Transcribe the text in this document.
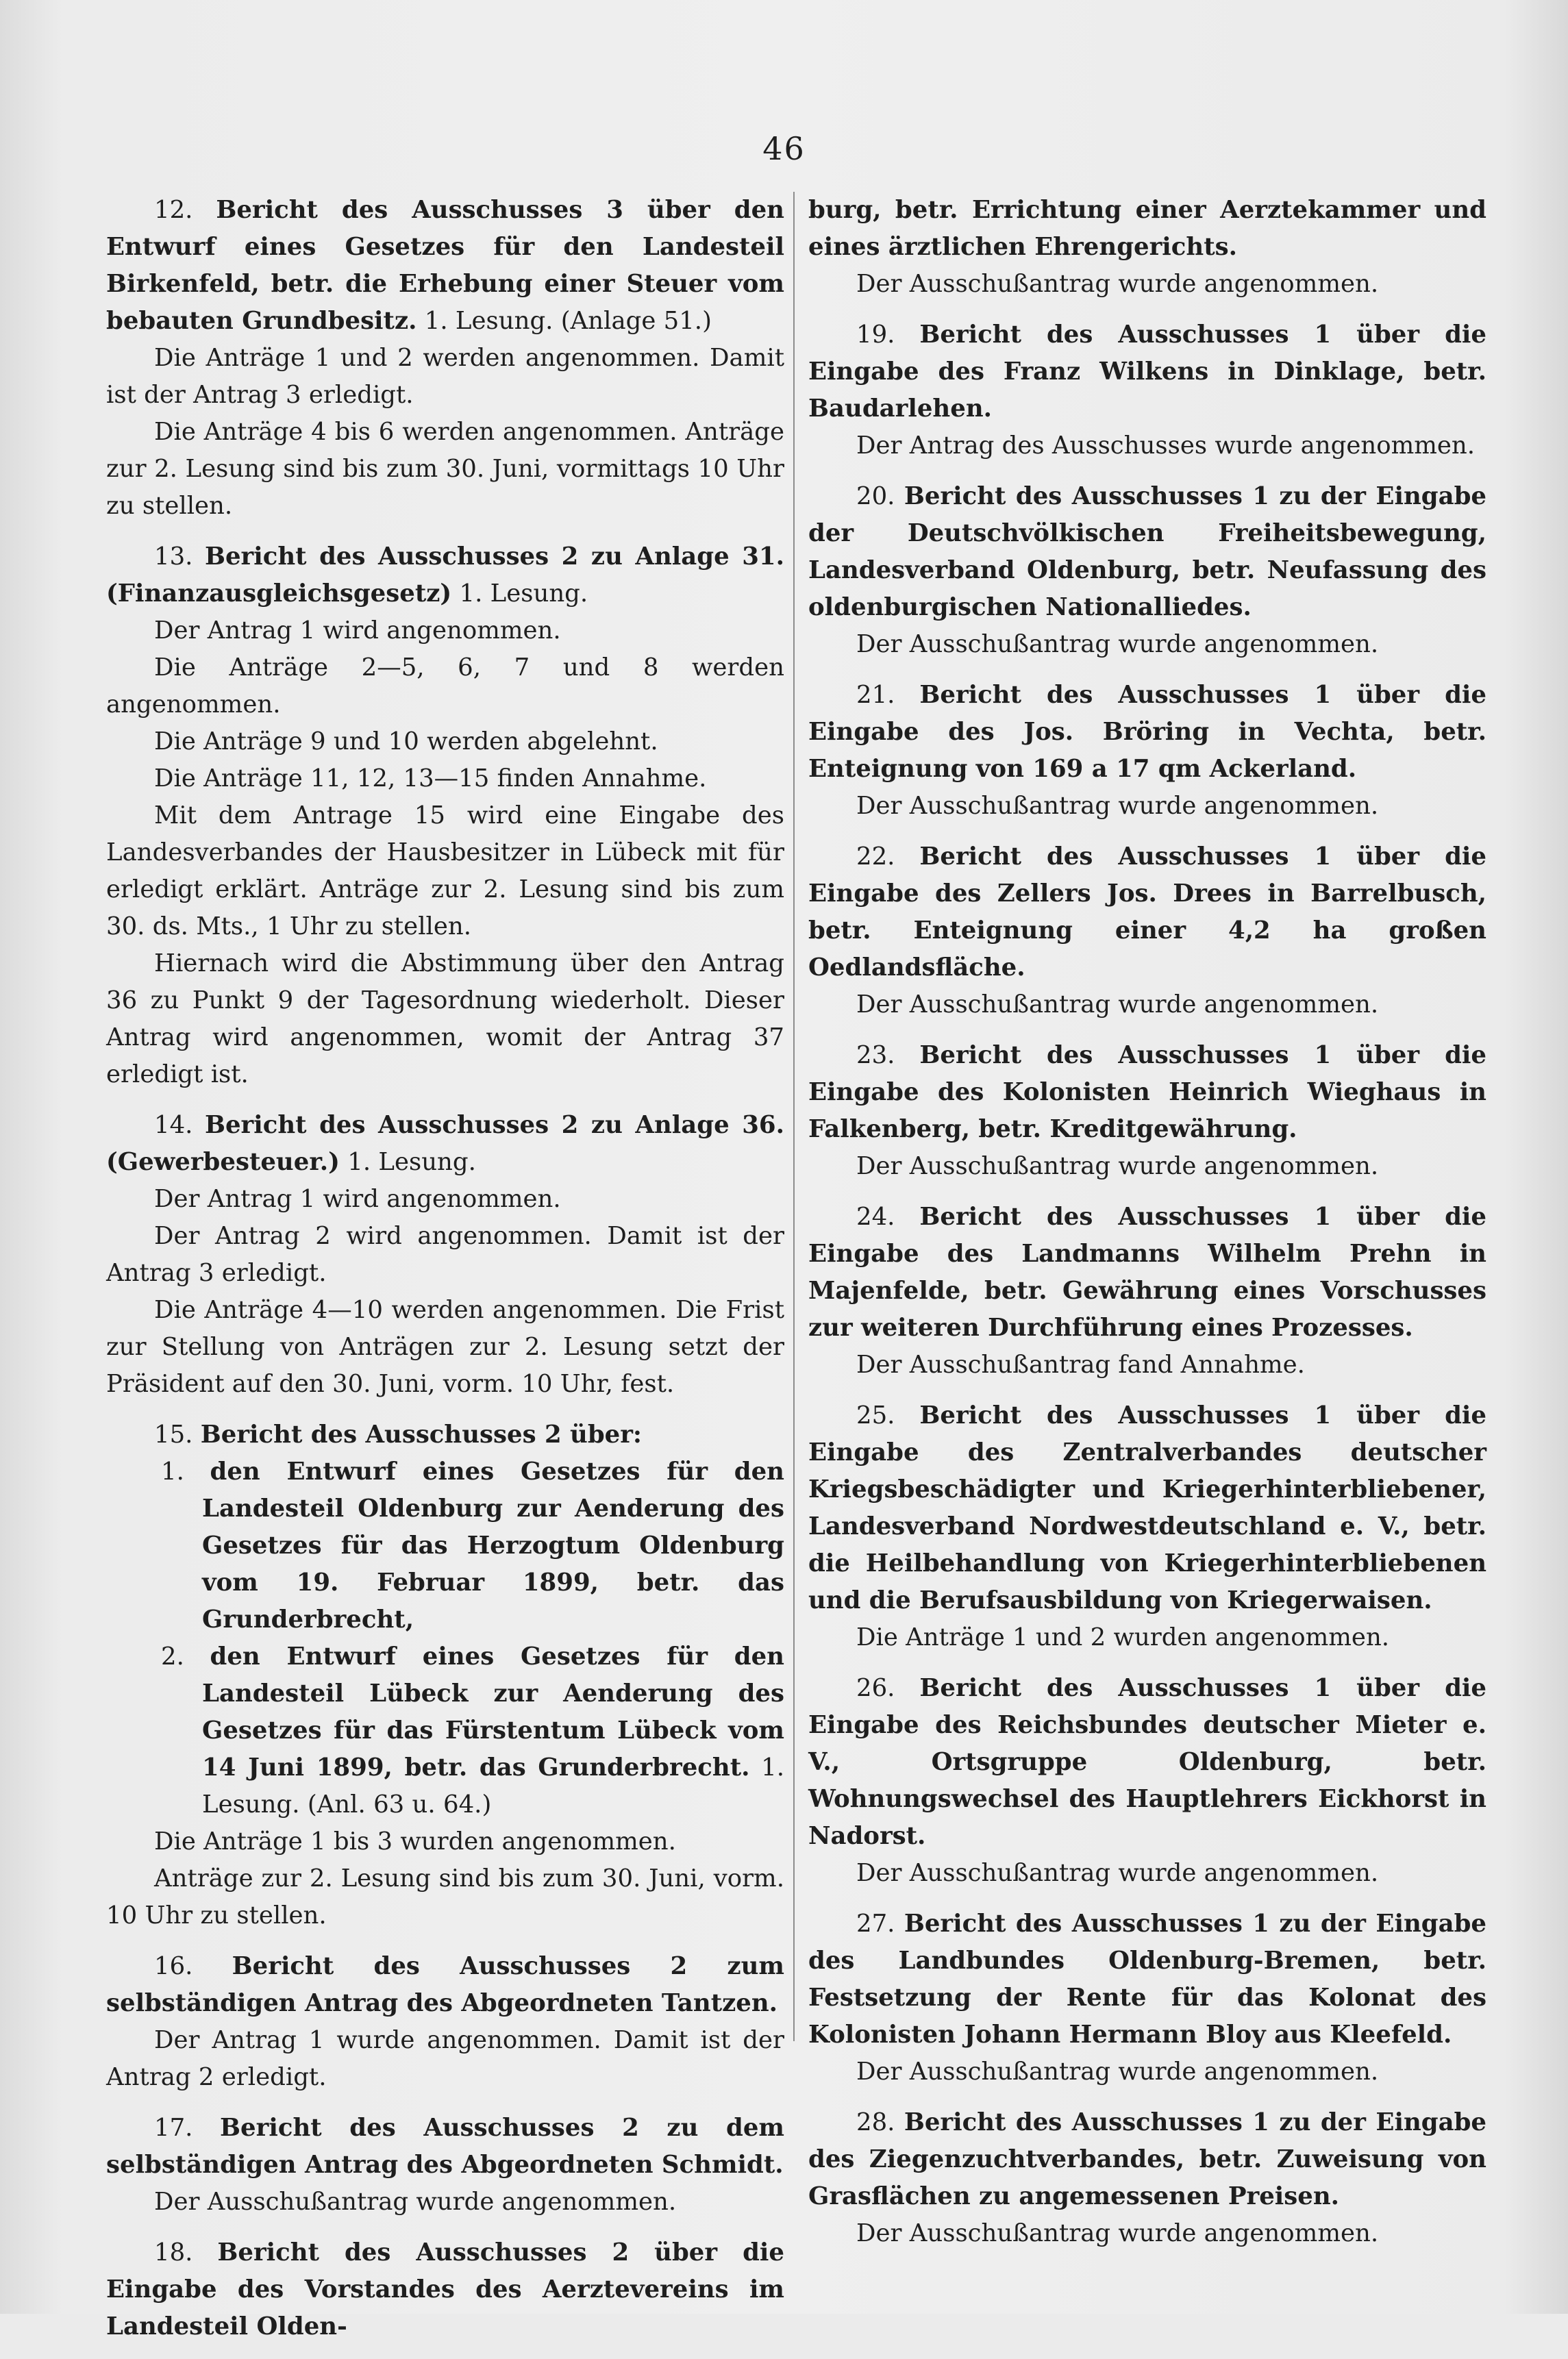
46

12. Bericht des Ausschusses 3 über den Entwurf eines Gesetzes für den Landesteil Birkenfeld, betr. die Erhebung einer Steuer vom bebauten Grundbesitz. 1. Lesung. (Anlage 51.)

Die Anträge 1 und 2 werden angenommen. Damit ist der Antrag 3 erledigt.

Die Anträge 4 bis 6 werden angenommen. Anträge zur 2. Lesung sind bis zum 30. Juni, vormittags 10 Uhr zu stellen.

13. Bericht des Ausschusses 2 zu Anlage 31. (Finanzausgleichsgesetz) 1. Lesung.

Der Antrag 1 wird angenommen.

Die Anträge 2—5, 6, 7 und 8 werden angenommen.

Die Anträge 9 und 10 werden abgelehnt.

Die Anträge 11, 12, 13—15 finden Annahme.

Mit dem Antrage 15 wird eine Eingabe des Landesverbandes der Hausbesitzer in Lübeck mit für erledigt erklärt. Anträge zur 2. Lesung sind bis zum 30. ds. Mts., 1 Uhr zu stellen.

Hiernach wird die Abstimmung über den Antrag 36 zu Punkt 9 der Tagesordnung wiederholt. Dieser Antrag wird angenommen, womit der Antrag 37 erledigt ist.

14. Bericht des Ausschusses 2 zu Anlage 36. (Gewerbesteuer.) 1. Lesung.

Der Antrag 1 wird angenommen.

Der Antrag 2 wird angenommen. Damit ist der Antrag 3 erledigt.

Die Anträge 4—10 werden angenommen. Die Frist zur Stellung von Anträgen zur 2. Lesung setzt der Präsident auf den 30. Juni, vorm. 10 Uhr, fest.

15. Bericht des Ausschusses 2 über:

1. den Entwurf eines Gesetzes für den Landesteil Oldenburg zur Aenderung des Gesetzes für das Herzogtum Oldenburg vom 19. Februar 1899, betr. das Grunderbrecht,

2. den Entwurf eines Gesetzes für den Landesteil Lübeck zur Aenderung des Gesetzes für das Fürstentum Lübeck vom 14 Juni 1899, betr. das Grunderbrecht. 1. Lesung. (Anl. 63 u. 64.)

Die Anträge 1 bis 3 wurden angenommen.

Anträge zur 2. Lesung sind bis zum 30. Juni, vorm. 10 Uhr zu stellen.

16. Bericht des Ausschusses 2 zum selbständigen Antrag des Abgeordneten Tantzen.

Der Antrag 1 wurde angenommen. Damit ist der Antrag 2 erledigt.

17. Bericht des Ausschusses 2 zu dem selbständigen Antrag des Abgeordneten Schmidt.

Der Ausschußantrag wurde angenommen.

18. Bericht des Ausschusses 2 über die Eingabe des Vorstandes des Aerztevereins im Landesteil Olden-

burg, betr. Errichtung einer Aerztekammer und eines ärztlichen Ehrengerichts.

Der Ausschußantrag wurde angenommen.

19. Bericht des Ausschusses 1 über die Eingabe des Franz Wilkens in Dinklage, betr. Baudarlehen.

Der Antrag des Ausschusses wurde angenommen.

20. Bericht des Ausschusses 1 zu der Eingabe der Deutschvölkischen Freiheitsbewegung, Landesverband Oldenburg, betr. Neufassung des oldenburgischen Nationalliedes.

Der Ausschußantrag wurde angenommen.

21. Bericht des Ausschusses 1 über die Eingabe des Jos. Bröring in Vechta, betr. Enteignung von 169 a 17 qm Ackerland.

Der Ausschußantrag wurde angenommen.

22. Bericht des Ausschusses 1 über die Eingabe des Zellers Jos. Drees in Barrelbusch, betr. Enteignung einer 4,2 ha großen Oedlandsfläche.

Der Ausschußantrag wurde angenommen.

23. Bericht des Ausschusses 1 über die Eingabe des Kolonisten Heinrich Wieghaus in Falkenberg, betr. Kreditgewährung.

Der Ausschußantrag wurde angenommen.

24. Bericht des Ausschusses 1 über die Eingabe des Landmanns Wilhelm Prehn in Majenfelde, betr. Gewährung eines Vorschusses zur weiteren Durchführung eines Prozesses.

Der Ausschußantrag fand Annahme.

25. Bericht des Ausschusses 1 über die Eingabe des Zentralverbandes deutscher Kriegsbeschädigter und Kriegerhinterbliebener, Landesverband Nordwestdeutschland e. V., betr. die Heilbehandlung von Kriegerhinterbliebenen und die Berufsausbildung von Kriegerwaisen.

Die Anträge 1 und 2 wurden angenommen.

26. Bericht des Ausschusses 1 über die Eingabe des Reichsbundes deutscher Mieter e. V., Ortsgruppe Oldenburg, betr. Wohnungswechsel des Hauptlehrers Eickhorst in Nadorst.

Der Ausschußantrag wurde angenommen.

27. Bericht des Ausschusses 1 zu der Eingabe des Landbundes Oldenburg-Bremen, betr. Festsetzung der Rente für das Kolonat des Kolonisten Johann Hermann Bloy aus Kleefeld.

Der Ausschußantrag wurde angenommen.

28. Bericht des Ausschusses 1 zu der Eingabe des Ziegenzuchtverbandes, betr. Zuweisung von Grasflächen zu angemessenen Preisen.

Der Ausschußantrag wurde angenommen.
